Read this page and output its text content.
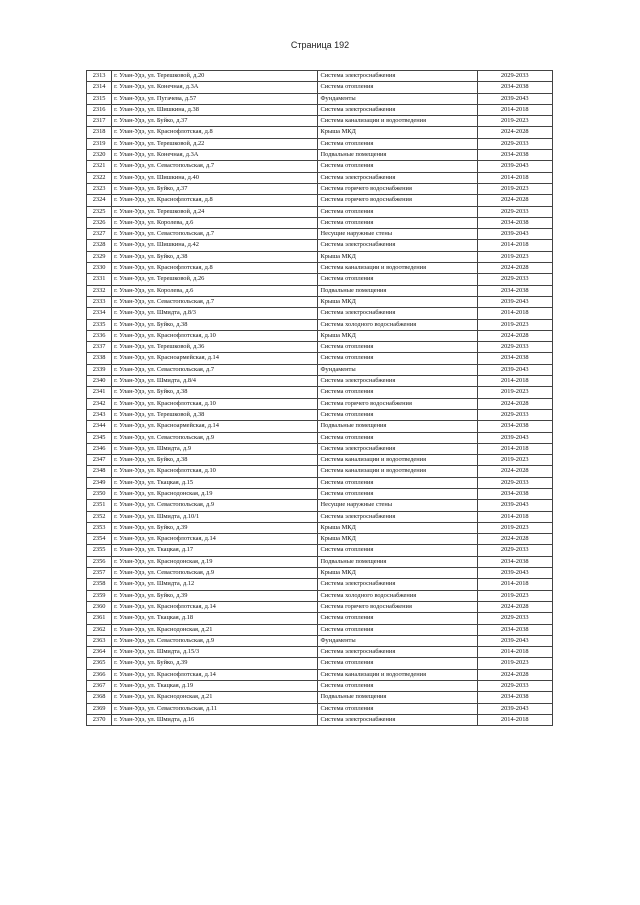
Страница 192
2313	г. Улан-Удэ, ул. Терешковой, д.20	Система электроснабжения	2029-2033
2314	г. Улан-Удэ, ул. Конечная, д.3А	Система отопления	2034-2038
2315	г. Улан-Удэ, ул. Пугачева, д.57	Фундаменты	2039-2043
2316	г. Улан-Удэ, ул. Шишкина, д.38	Система электроснабжения	2014-2018
2317	г. Улан-Удэ, ул. Буйко, д.37	Система канализации и водоотведения	2019-2023
2318	г. Улан-Удэ, ул. Краснофлотская, д.8	Крыша МКД	2024-2028
2319	г. Улан-Удэ, ул. Терешковой, д.22	Система отопления	2029-2033
2320	г. Улан-Удэ, ул. Конечная, д.3А	Подвальные помещения	2034-2038
2321	г. Улан-Удэ, ул. Севастопольская, д.7	Система отопления	2039-2043
2322	г. Улан-Удэ, ул. Шишкина, д.40	Система электроснабжения	2014-2018
2323	г. Улан-Удэ, ул. Буйко, д.37	Система горячего водоснабжения	2019-2023
2324	г. Улан-Удэ, ул. Краснофлотская, д.8	Система горячего водоснабжения	2024-2028
2325	г. Улан-Удэ, ул. Терешковой, д.24	Система отопления	2029-2033
2326	г. Улан-Удэ, ул. Королева, д.6	Система отопления	2034-2038
2327	г. Улан-Удэ, ул. Севастопольская, д.7	Несущие наружные стены	2039-2043
2328	г. Улан-Удэ, ул. Шишкина, д.42	Система электроснабжения	2014-2018
2329	г. Улан-Удэ, ул. Буйко, д.38	Крыша МКД	2019-2023
2330	г. Улан-Удэ, ул. Краснофлотская, д.8	Система канализации и водоотведения	2024-2028
2331	г. Улан-Удэ, ул. Терешковой, д.26	Система отопления	2029-2033
2332	г. Улан-Удэ, ул. Королева, д.6	Подвальные помещения	2034-2038
2333	г. Улан-Удэ, ул. Севастопольская, д.7	Крыша МКД	2039-2043
2334	г. Улан-Удэ, ул. Шмидта, д.8/3	Система электроснабжения	2014-2018
2335	г. Улан-Удэ, ул. Буйко, д.38	Система холодного водоснабжения	2019-2023
2336	г. Улан-Удэ, ул. Краснофлотская, д.10	Крыша МКД	2024-2028
2337	г. Улан-Удэ, ул. Терешковой, д.36	Система отопления	2029-2033
2338	г. Улан-Удэ, ул. Красноармейская, д.14	Система отопления	2034-2038
2339	г. Улан-Удэ, ул. Севастопольская, д.7	Фундаменты	2039-2043
2340	г. Улан-Удэ, ул. Шмидта, д.8/4	Система электроснабжения	2014-2018
2341	г. Улан-Удэ, ул. Буйко, д.38	Система отопления	2019-2023
2342	г. Улан-Удэ, ул. Краснофлотская, д.10	Система горячего водоснабжения	2024-2028
2343	г. Улан-Удэ, ул. Терешковой, д.38	Система отопления	2029-2033
2344	г. Улан-Удэ, ул. Красноармейская, д.14	Подвальные помещения	2034-2038
2345	г. Улан-Удэ, ул. Севастопольская, д.9	Система отопления	2039-2043
2346	г. Улан-Удэ, ул. Шмидта, д.9	Система электроснабжения	2014-2018
2347	г. Улан-Удэ, ул. Буйко, д.38	Система канализации и водоотведения	2019-2023
2348	г. Улан-Удэ, ул. Краснофлотская, д.10	Система канализации и водоотведения	2024-2028
2349	г. Улан-Удэ, ул. Ткацкая, д.15	Система отопления	2029-2033
2350	г. Улан-Удэ, ул. Краснодонская, д.19	Система отопления	2034-2038
2351	г. Улан-Удэ, ул. Севастопольская, д.9	Несущие наружные стены	2039-2043
2352	г. Улан-Удэ, ул. Шмидта, д.10/1	Система электроснабжения	2014-2018
2353	г. Улан-Удэ, ул. Буйко, д.39	Крыша МКД	2019-2023
2354	г. Улан-Удэ, ул. Краснофлотская, д.14	Крыша МКД	2024-2028
2355	г. Улан-Удэ, ул. Ткацкая, д.17	Система отопления	2029-2033
2356	г. Улан-Удэ, ул. Краснодонская, д.19	Подвальные помещения	2034-2038
2357	г. Улан-Удэ, ул. Севастопольская, д.9	Крыша МКД	2039-2043
2358	г. Улан-Удэ, ул. Шмидта, д.12	Система электроснабжения	2014-2018
2359	г. Улан-Удэ, ул. Буйко, д.39	Система холодного водоснабжения	2019-2023
2360	г. Улан-Удэ, ул. Краснофлотская, д.14	Система горячего водоснабжения	2024-2028
2361	г. Улан-Удэ, ул. Ткацкая, д.18	Система отопления	2029-2033
2362	г. Улан-Удэ, ул. Краснодонская, д.21	Система отопления	2034-2038
2363	г. Улан-Удэ, ул. Севастопольская, д.9	Фундаменты	2039-2043
2364	г. Улан-Удэ, ул. Шмидта, д.15/3	Система электроснабжения	2014-2018
2365	г. Улан-Удэ, ул. Буйко, д.39	Система отопления	2019-2023
2366	г. Улан-Удэ, ул. Краснофлотская, д.14	Система канализации и водоотведения	2024-2028
2367	г. Улан-Удэ, ул. Ткацкая, д.19	Система отопления	2029-2033
2368	г. Улан-Удэ, ул. Краснодонская, д.21	Подвальные помещения	2034-2038
2369	г. Улан-Удэ, ул. Севастопольская, д.11	Система отопления	2039-2043
2370	г. Улан-Удэ, ул. Шмидта, д.16	Система электроснабжения	2014-2018
